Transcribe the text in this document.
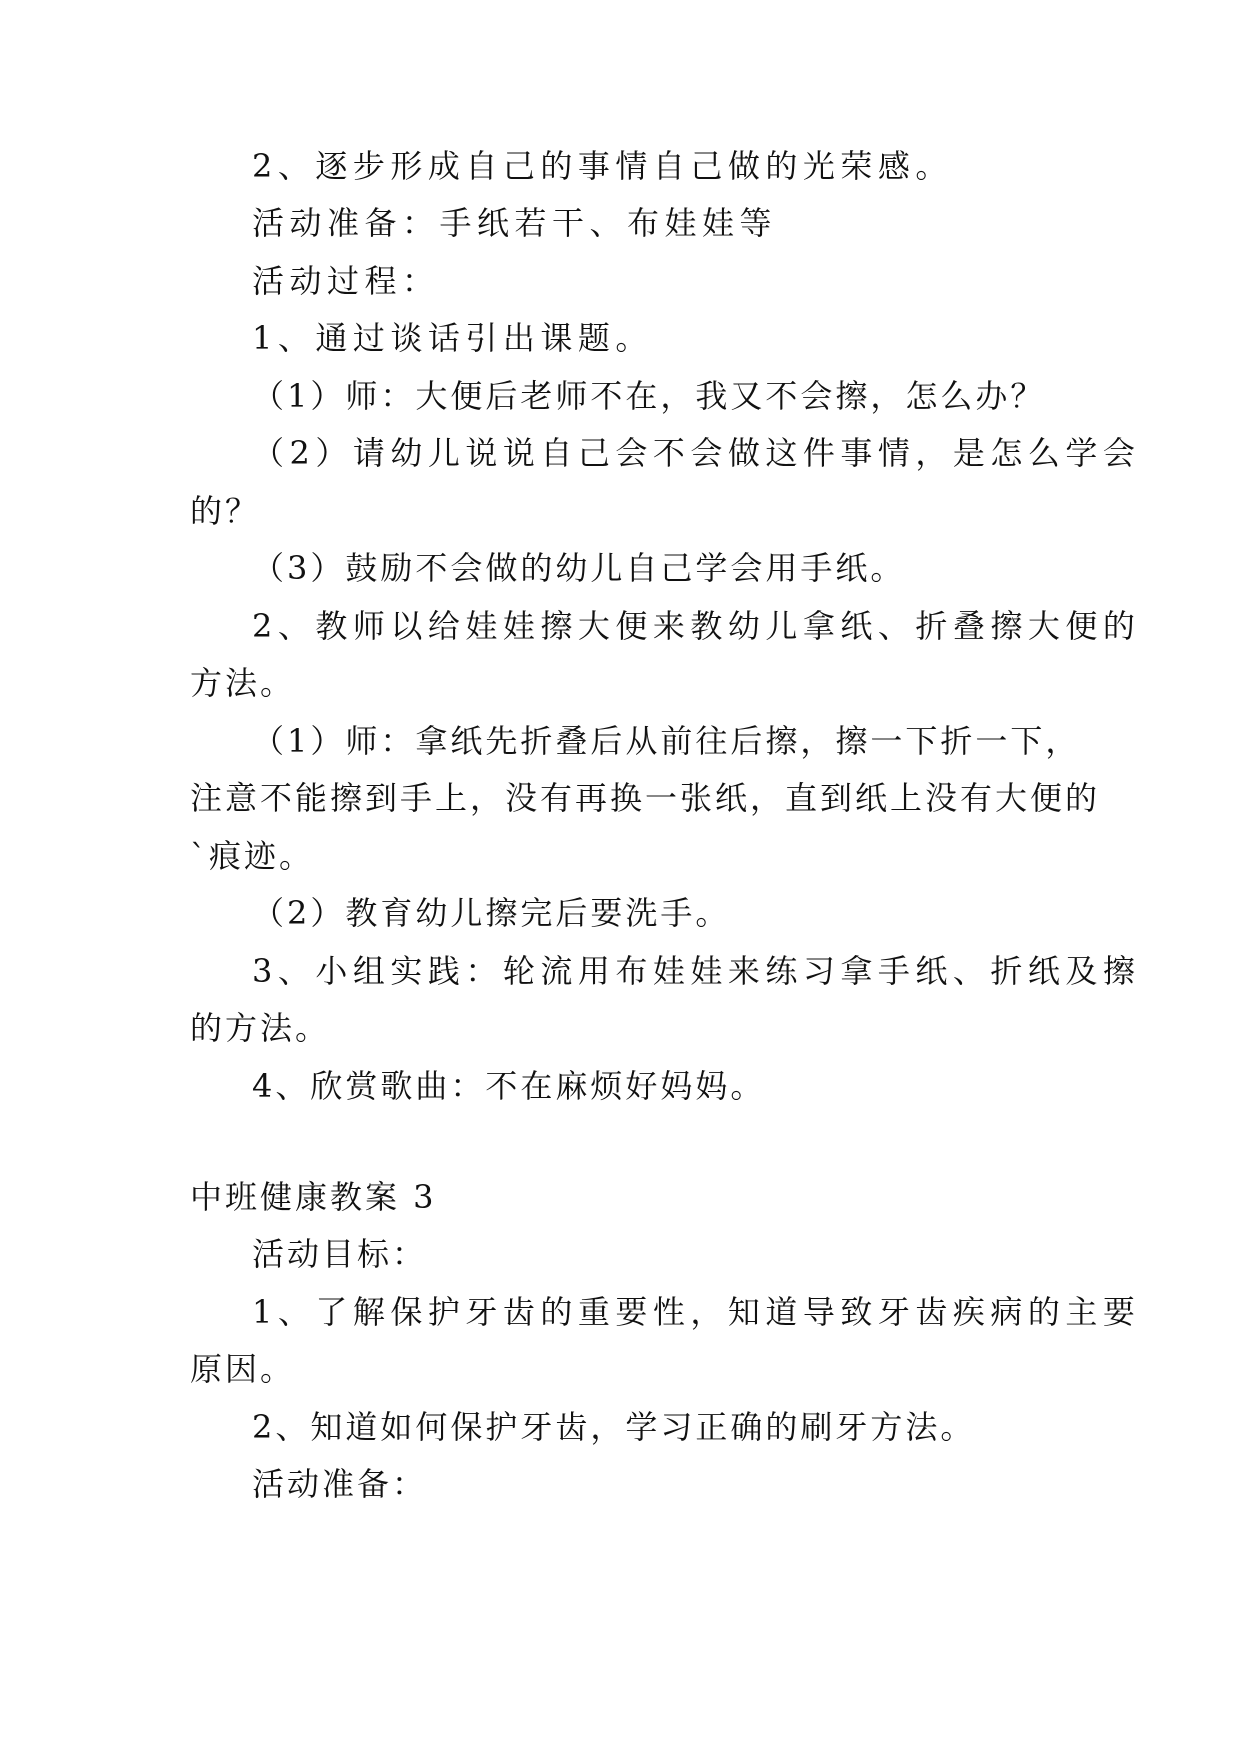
2、逐步形成自己的事情自己做的光荣感。
活动准备：手纸若干、布娃娃等
活动过程：
1、通过谈话引出课题。
（1）师：大便后老师不在，我又不会擦，怎么办？
（2）请幼儿说说自己会不会做这件事情，是怎么学会
的？
（3）鼓励不会做的幼儿自己学会用手纸。
2、教师以给娃娃擦大便来教幼儿拿纸、折叠擦大便的
方法。
（1）师：拿纸先折叠后从前往后擦，擦一下折一下，
注意不能擦到手上，没有再换一张纸，直到纸上没有大便的
`痕迹。
（2）教育幼儿擦完后要洗手。
3、小组实践：轮流用布娃娃来练习拿手纸、折纸及擦
的方法。
4、欣赏歌曲：不在麻烦好妈妈。
中班健康教案 3
活动目标：
1、了解保护牙齿的重要性，知道导致牙齿疾病的主要
原因。
2、知道如何保护牙齿，学习正确的刷牙方法。
活动准备：
